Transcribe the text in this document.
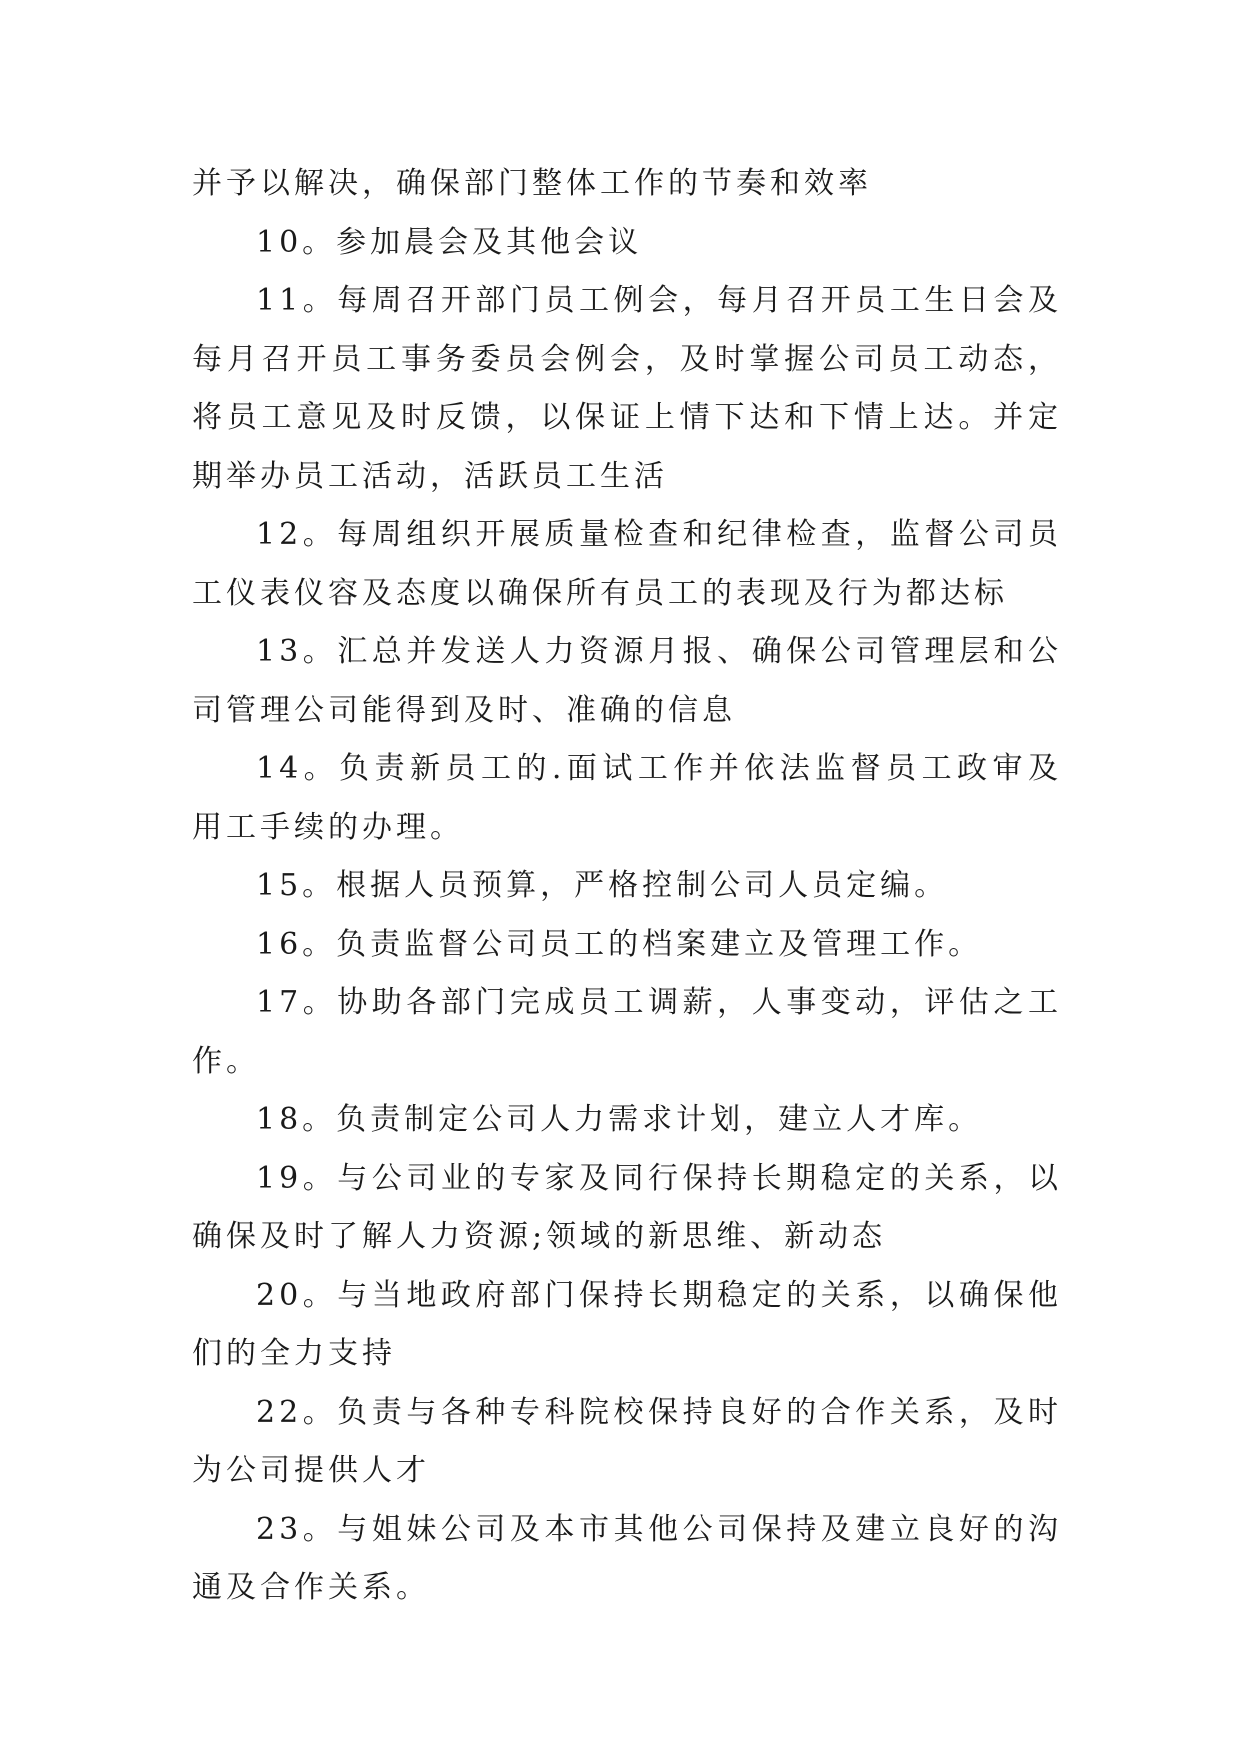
并予以解决，确保部门整体工作的节奏和效率

10。参加晨会及其他会议

11。每周召开部门员工例会，每月召开员工生日会及每月召开员工事务委员会例会，及时掌握公司员工动态，将员工意见及时反馈，以保证上情下达和下情上达。并定期举办员工活动，活跃员工生活

12。每周组织开展质量检查和纪律检查，监督公司员工仪表仪容及态度以确保所有员工的表现及行为都达标

13。汇总并发送人力资源月报、确保公司管理层和公司管理公司能得到及时、准确的信息

14。负责新员工的.面试工作并依法监督员工政审及用工手续的办理。

15。根据人员预算，严格控制公司人员定编。

16。负责监督公司员工的档案建立及管理工作。

17。协助各部门完成员工调薪，人事变动，评估之工作。

18。负责制定公司人力需求计划，建立人才库。

19。与公司业的专家及同行保持长期稳定的关系，以确保及时了解人力资源;领域的新思维、新动态

20。与当地政府部门保持长期稳定的关系，以确保他们的全力支持

22。负责与各种专科院校保持良好的合作关系，及时为公司提供人才

23。与姐妹公司及本市其他公司保持及建立良好的沟通及合作关系。
